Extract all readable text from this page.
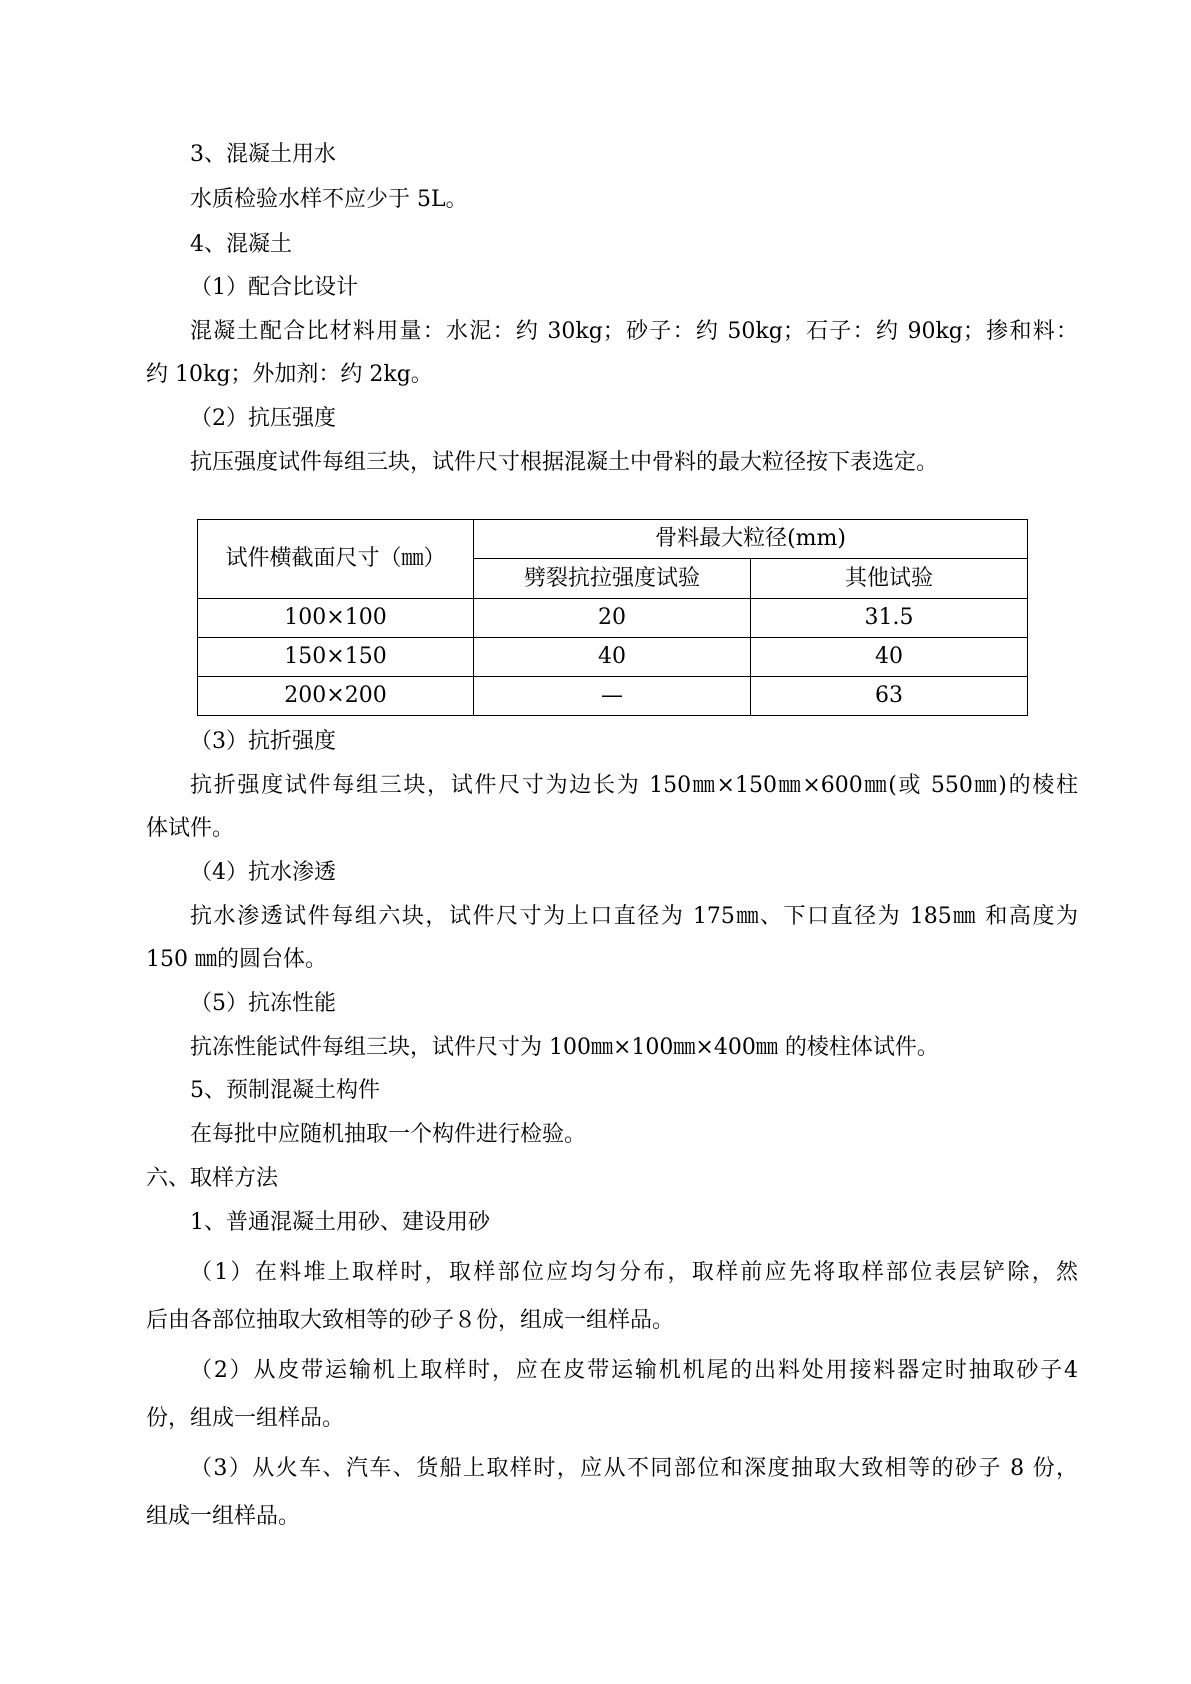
3、混凝土用水
水质检验水样不应少于 5L。
4、混凝土
（1）配合比设计
混凝土配合比材料用量：水泥：约 30kg；砂子：约 50kg；石子：约 90kg；掺和料：
约 10kg；外加剂：约 2kg。
（2）抗压强度
抗压强度试件每组三块，试件尺寸根据混凝土中骨料的最大粒径按下表选定。
试件横截面尺寸（㎜）	骨料最大粒径(mm)	
	劈裂抗拉强度试验	其他试验
100×100	20	31.5
150×150	40	40
200×200	—	63
（3）抗折强度
抗折强度试件每组三块，试件尺寸为边长为 150㎜×150㎜×600㎜(或 550㎜)的棱柱
体试件。
（4）抗水渗透
抗水渗透试件每组六块，试件尺寸为上口直径为 175㎜、下口直径为 185㎜ 和高度为
150 ㎜的圆台体。
（5）抗冻性能
抗冻性能试件每组三块，试件尺寸为 100㎜×100㎜×400㎜ 的棱柱体试件。
5、预制混凝土构件
在每批中应随机抽取一个构件进行检验。
六、取样方法
1、普通混凝土用砂、建设用砂
（1）在料堆上取样时，取样部位应均匀分布，取样前应先将取样部位表层铲除，然
后由各部位抽取大致相等的砂子８份，组成一组样品。
（2）从皮带运输机上取样时，应在皮带运输机机尾的出料处用接料器定时抽取砂子4
份，组成一组样品。
（3）从火车、汽车、货船上取样时，应从不同部位和深度抽取大致相等的砂子 8 份，
组成一组样品。
